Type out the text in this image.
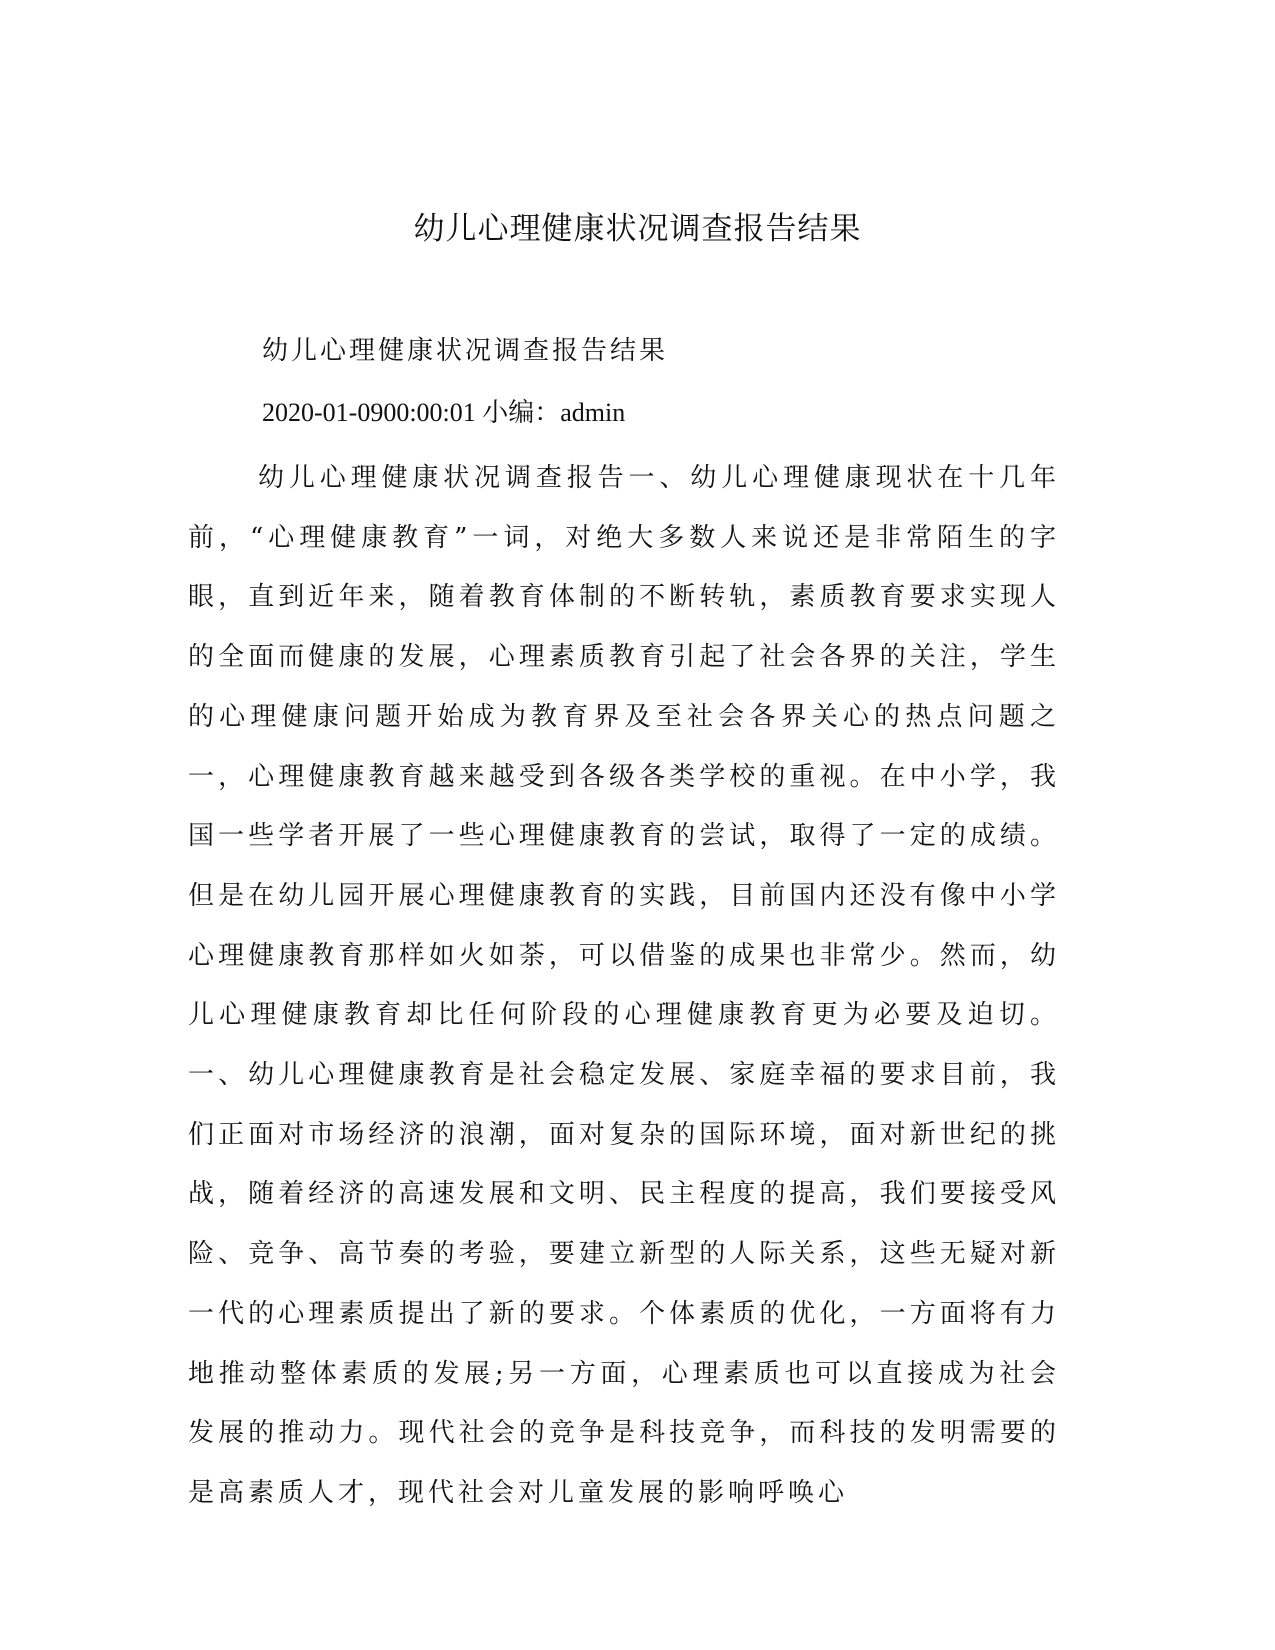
幼儿心理健康状况调查报告结果

幼儿心理健康状况调查报告结果

2020-01-0900:00:01 小编：admin

幼儿心理健康状况调查报告一、幼儿心理健康现状在十几年前，“心理健康教育”一词，对绝大多数人来说还是非常陌生的字眼，直到近年来，随着教育体制的不断转轨，素质教育要求实现人的全面而健康的发展，心理素质教育引起了社会各界的关注，学生的心理健康问题开始成为教育界及至社会各界关心的热点问题之一，心理健康教育越来越受到各级各类学校的重视。在中小学，我国一些学者开展了一些心理健康教育的尝试，取得了一定的成绩。但是在幼儿园开展心理健康教育的实践，目前国内还没有像中小学心理健康教育那样如火如荼，可以借鉴的成果也非常少。然而，幼儿心理健康教育却比任何阶段的心理健康教育更为必要及迫切。一、幼儿心理健康教育是社会稳定发展、家庭幸福的要求目前，我们正面对市场经济的浪潮，面对复杂的国际环境，面对新世纪的挑战，随着经济的高速发展和文明、民主程度的提高，我们要接受风险、竞争、高节奏的考验，要建立新型的人际关系，这些无疑对新一代的心理素质提出了新的要求。个体素质的优化，一方面将有力地推动整体素质的发展;另一方面，心理素质也可以直接成为社会发展的推动力。现代社会的竞争是科技竞争，而科技的发明需要的是高素质人才，现代社会对儿童发展的影响呼唤心
